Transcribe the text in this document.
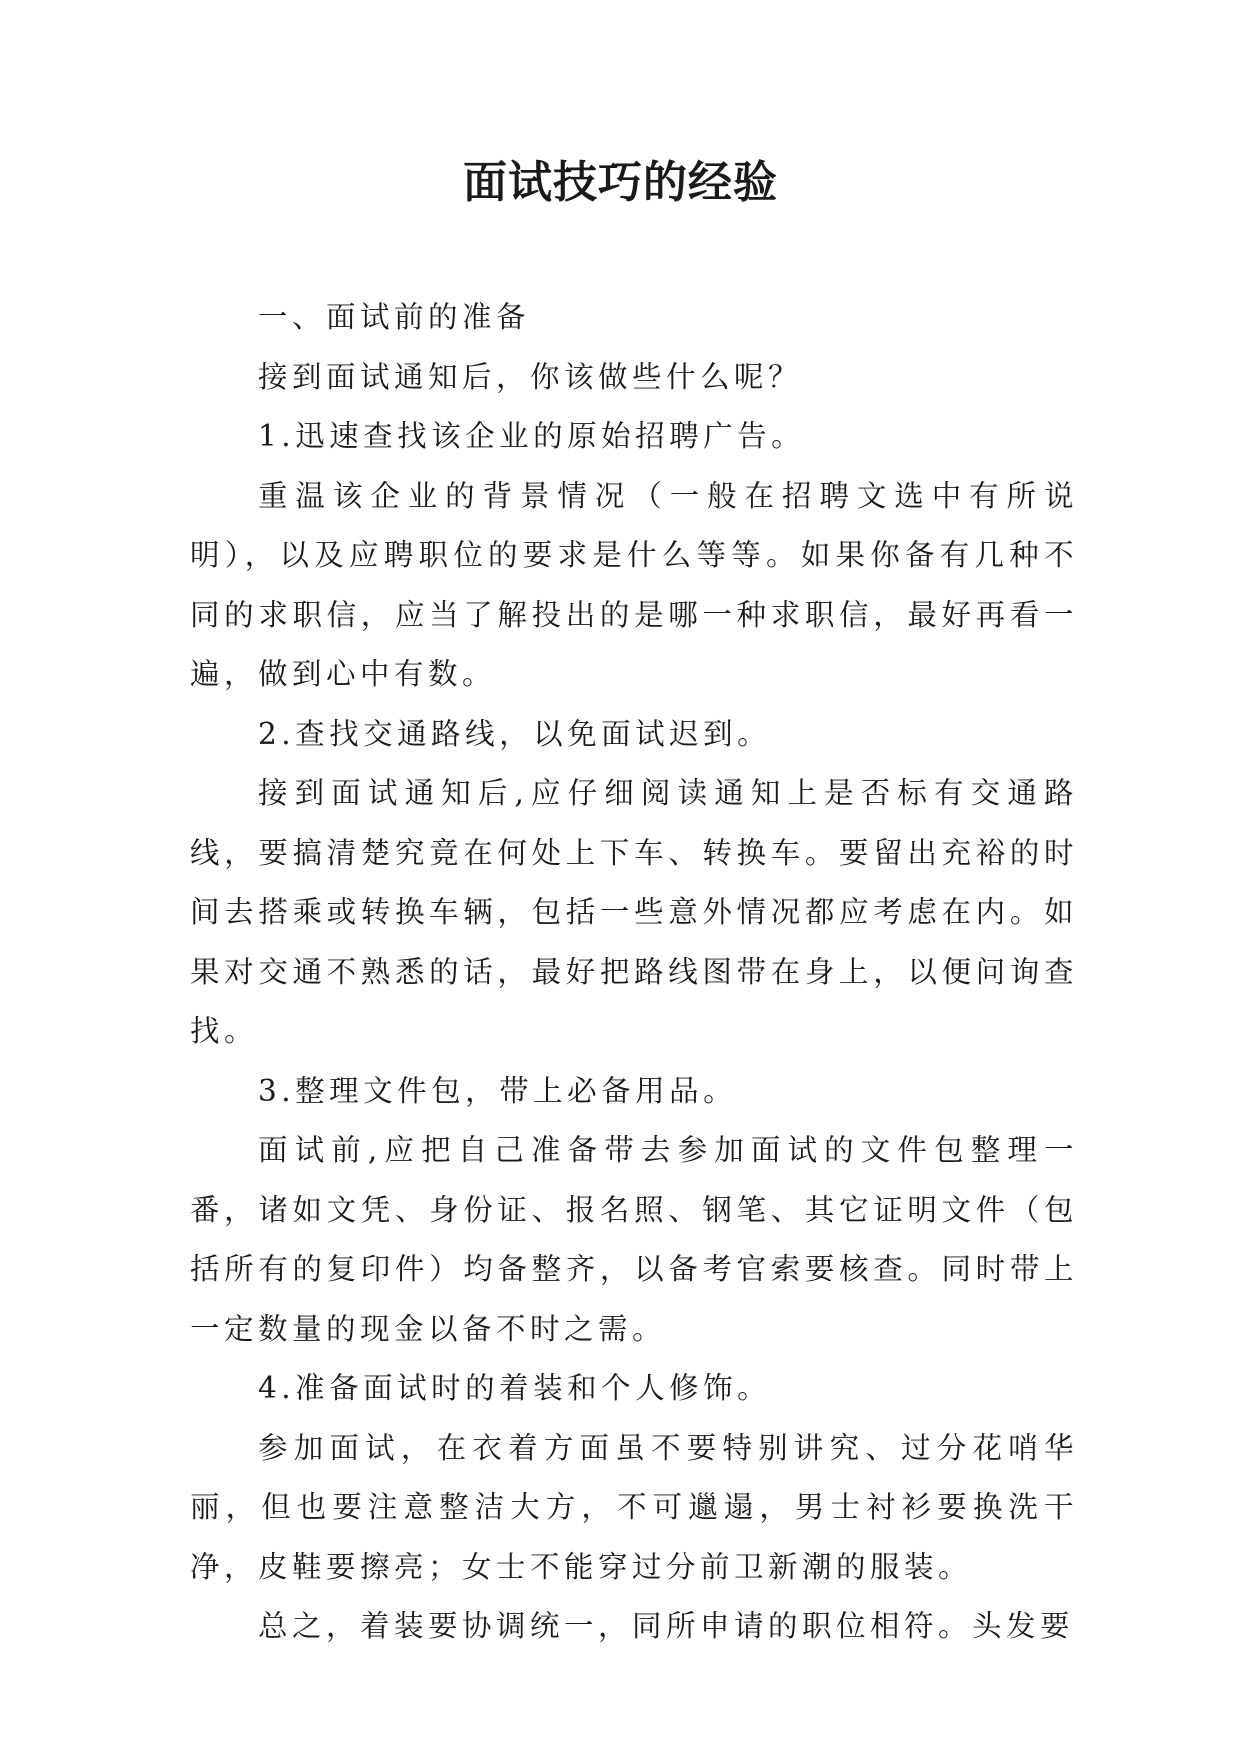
面试技巧的经验

一、面试前的准备

接到面试通知后，你该做些什么呢？

1.迅速查找该企业的原始招聘广告。

重温该企业的背景情况（一般在招聘文选中有所说明），以及应聘职位的要求是什么等等。如果你备有几种不同的求职信，应当了解投出的是哪一种求职信，最好再看一遍，做到心中有数。

2.查找交通路线，以免面试迟到。

接到面试通知后,应仔细阅读通知上是否标有交通路线，要搞清楚究竟在何处上下车、转换车。要留出充裕的时间去搭乘或转换车辆，包括一些意外情况都应考虑在内。如果对交通不熟悉的话，最好把路线图带在身上，以便问询查找。

3.整理文件包，带上必备用品。

面试前,应把自己准备带去参加面试的文件包整理一番，诸如文凭、身份证、报名照、钢笔、其它证明文件（包括所有的复印件）均备整齐，以备考官索要核查。同时带上一定数量的现金以备不时之需。

4.准备面试时的着装和个人修饰。

参加面试，在衣着方面虽不要特别讲究、过分花哨华丽，但也要注意整洁大方，不可邋遢，男士衬衫要换洗干净，皮鞋要擦亮；女士不能穿过分前卫新潮的服装。

总之，着装要协调统一，同所申请的职位相符。头发要
